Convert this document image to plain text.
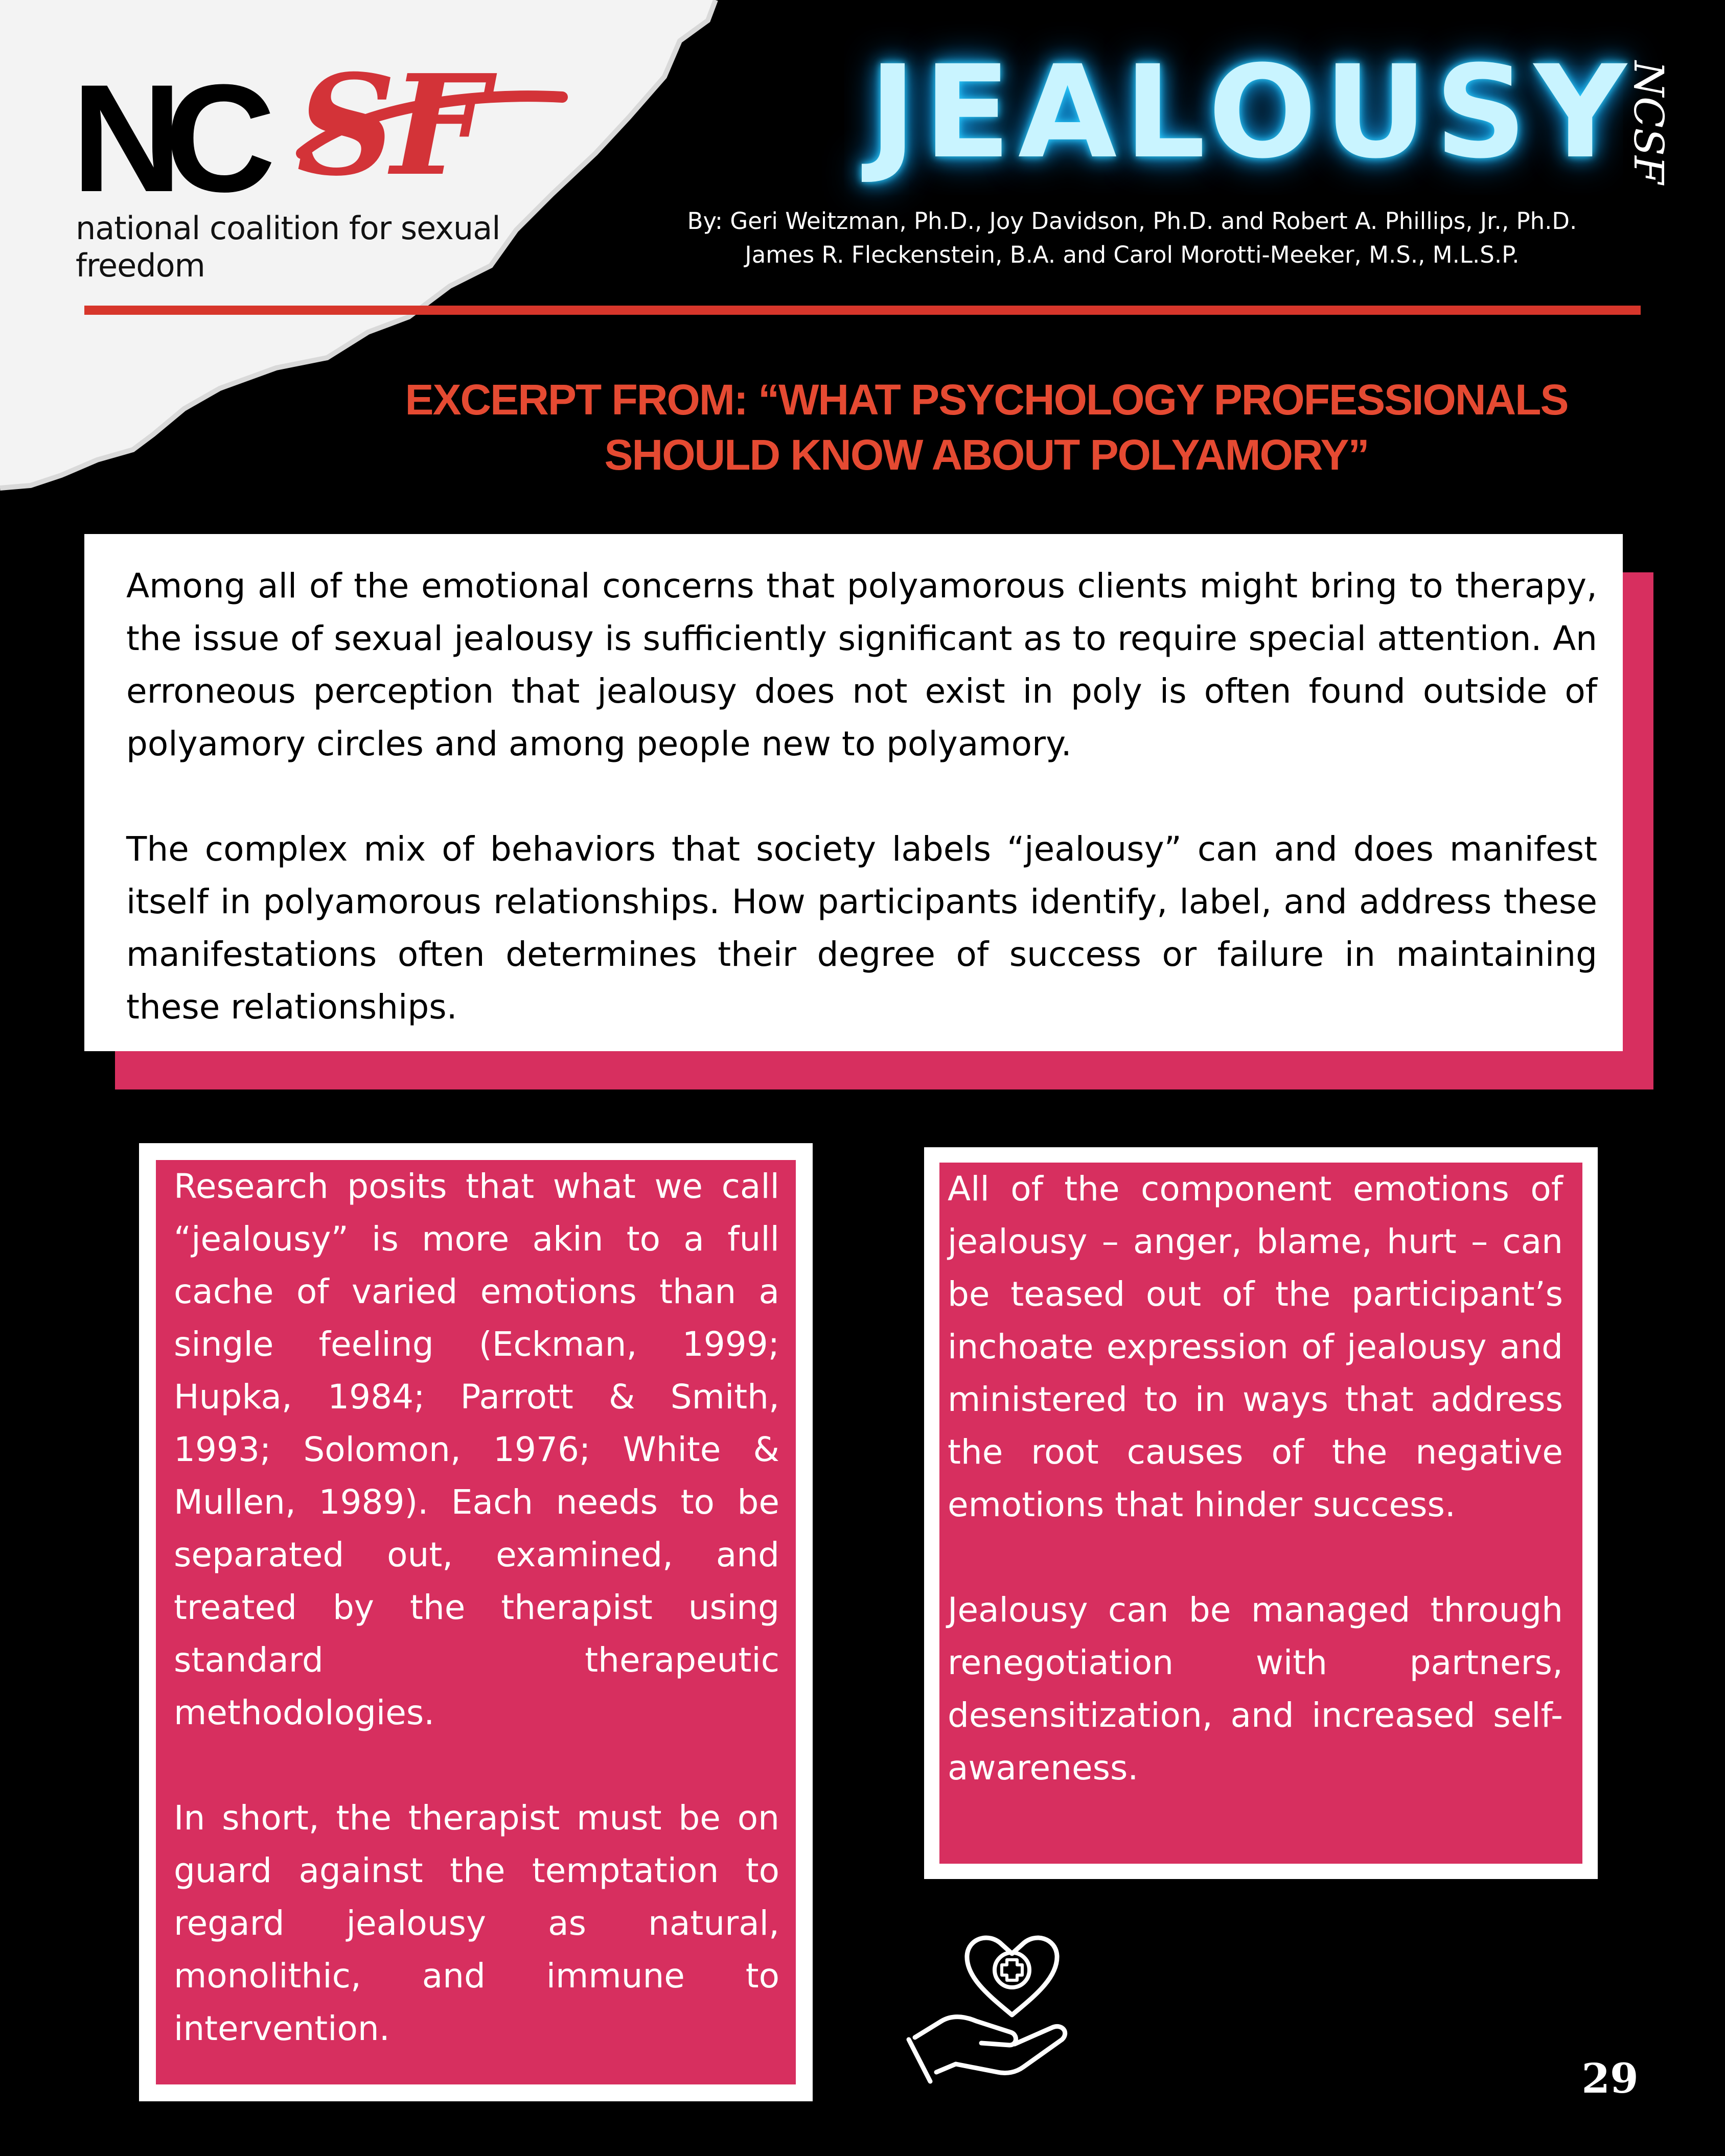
NC SF
national coalition for sexual freedom
JEALOUSY
NCSF
By: Geri Weitzman, Ph.D., Joy Davidson, Ph.D. and Robert A. Phillips, Jr., Ph.D.
James R. Fleckenstein, B.A. and Carol Morotti-Meeker, M.S., M.L.S.P.
EXCERPT FROM: “WHAT PSYCHOLOGY PROFESSIONALS
SHOULD KNOW ABOUT POLYAMORY”

Among all of the emotional concerns that polyamorous clients might bring to therapy, the issue of sexual jealousy is sufficiently significant as to require special attention. An erroneous perception that jealousy does not exist in poly is often found outside of polyamory circles and among people new to polyamory.

The complex mix of behaviors that society labels “jealousy” can and does manifest itself in polyamorous relationships. How participants identify, label, and address these manifestations often determines their degree of success or failure in maintaining these relationships.

Research posits that what we call “jealousy” is more akin to a full cache of varied emotions than a single feeling (Eckman, 1999; Hupka, 1984; Parrott & Smith, 1993; Solomon, 1976; White & Mullen, 1989). Each needs to be separated out, examined, and treated by the therapist using standard therapeutic methodologies.

In short, the therapist must be on guard against the temptation to regard jealousy as natural, monolithic, and immune to intervention.

All of the component emotions of jealousy – anger, blame, hurt – can be teased out of the participant’s inchoate expression of jealousy and ministered to in ways that address the root causes of the negative emotions that hinder success.

Jealousy can be managed through renegotiation with partners, desensitization, and increased self-awareness.

29
